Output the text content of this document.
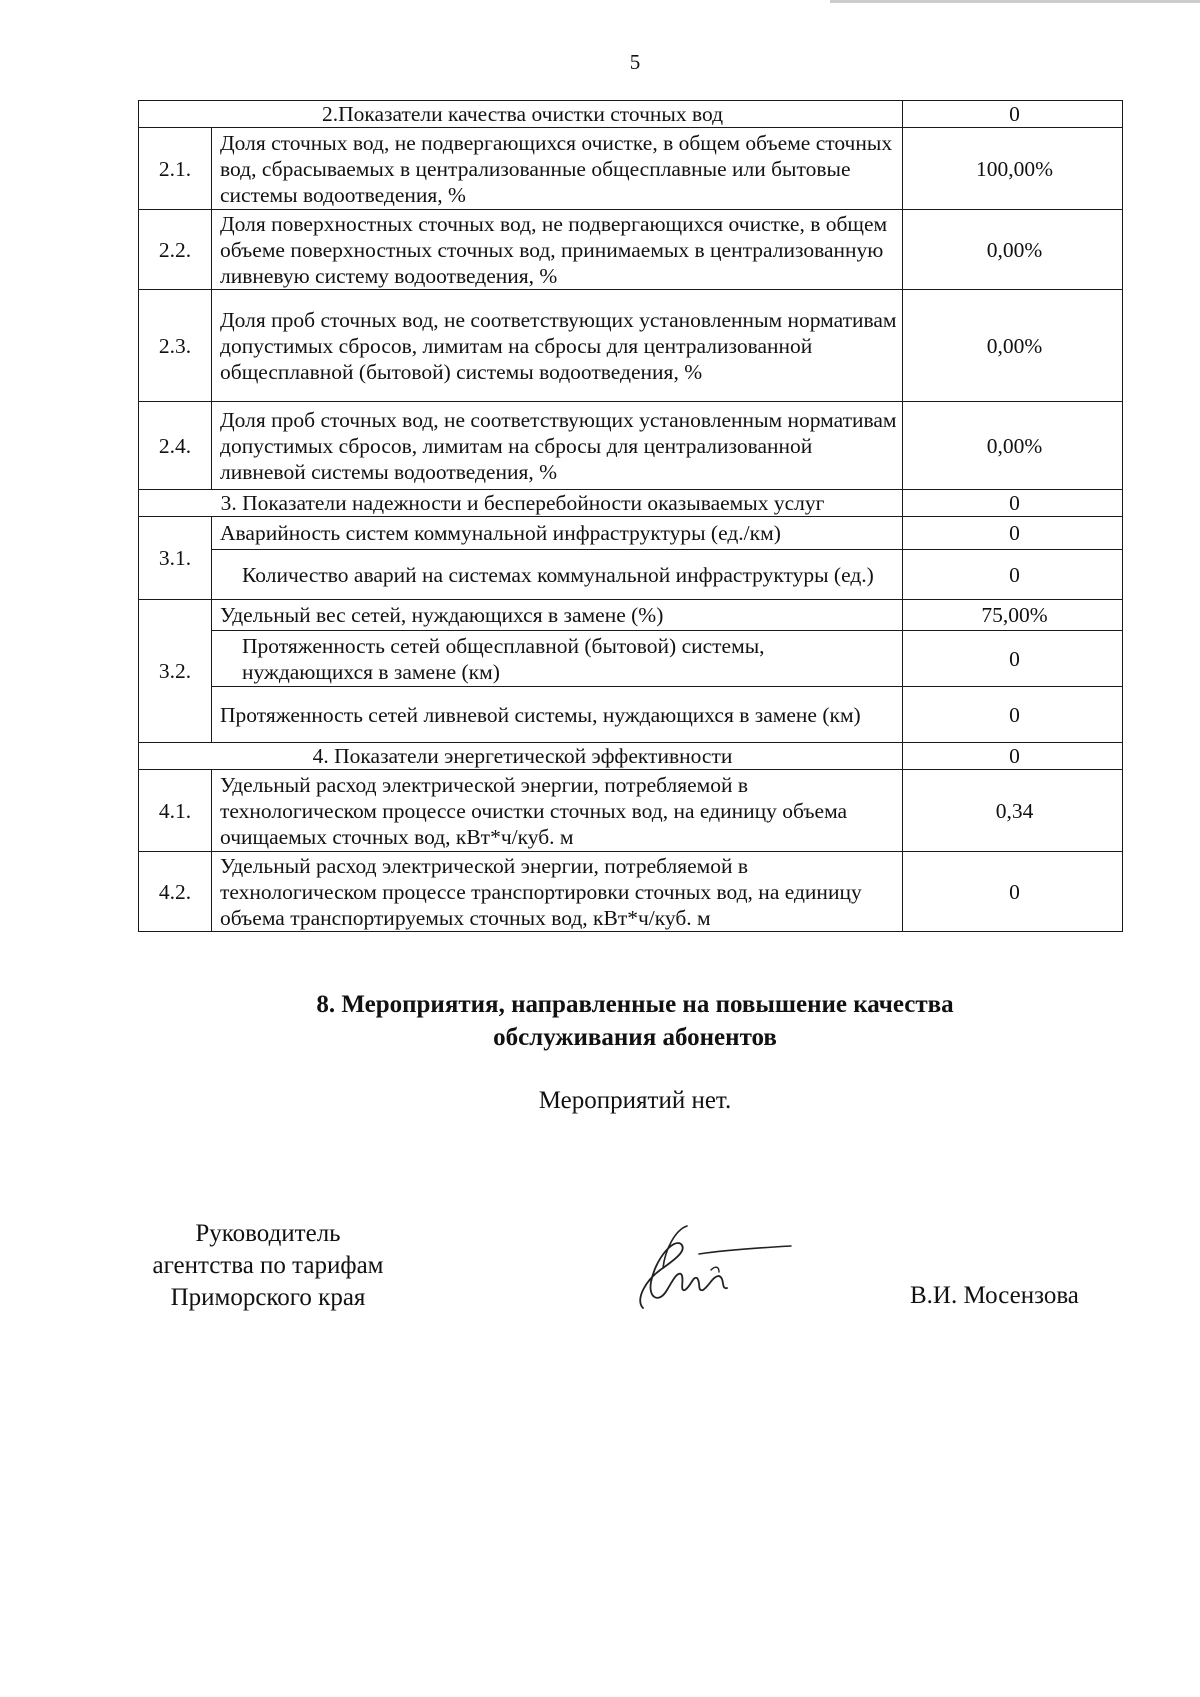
5
2.Показатели качества очистки сточных вод		0
2.1.	Доля сточных вод, не подвергающихся очистке, в общем объеме сточных вод, сбрасываемых в централизованные общесплавные или бытовые системы водоотведения, %	100,00%
2.2.	Доля поверхностных сточных вод, не подвергающихся очистке, в общем объеме поверхностных сточных вод, принимаемых в централизованную ливневую систему водоотведения, %	0,00%
2.3.	Доля проб сточных вод, не соответствующих установленным нормативам допустимых сбросов, лимитам на сбросы для централизованной общесплавной (бытовой) системы водоотведения, %	0,00%
2.4.	Доля проб сточных вод, не соответствующих установленным нормативам допустимых сбросов, лимитам на сбросы для централизованной ливневой системы водоотведения, %	0,00%
3. Показатели надежности и бесперебойности оказываемых услуг		0
3.1.	Аварийность систем коммунальной инфраструктуры (ед./км)	0
	Количество аварий на системах коммунальной инфраструктуры (ед.)	0
3.2.	Удельный вес сетей, нуждающихся в замене (%)	75,00%
	Протяженность сетей общесплавной (бытовой) системы, нуждающихся в замене (км)	0
	Протяженность сетей ливневой системы, нуждающихся в замене (км)	0
4. Показатели энергетической эффективности		0
4.1.	Удельный расход электрической энергии, потребляемой в технологическом процессе очистки сточных вод, на единицу объема очищаемых сточных вод, кВт*ч/куб. м	0,34
4.2.	Удельный расход электрической энергии, потребляемой в технологическом процессе транспортировки сточных вод, на единицу объема транспортируемых сточных вод, кВт*ч/куб. м	0
8. Мероприятия, направленные на повышение качества
обслуживания абонентов
Мероприятий нет.
Руководитель
агентства по тарифам
Приморского края	В.И. Мосензова
